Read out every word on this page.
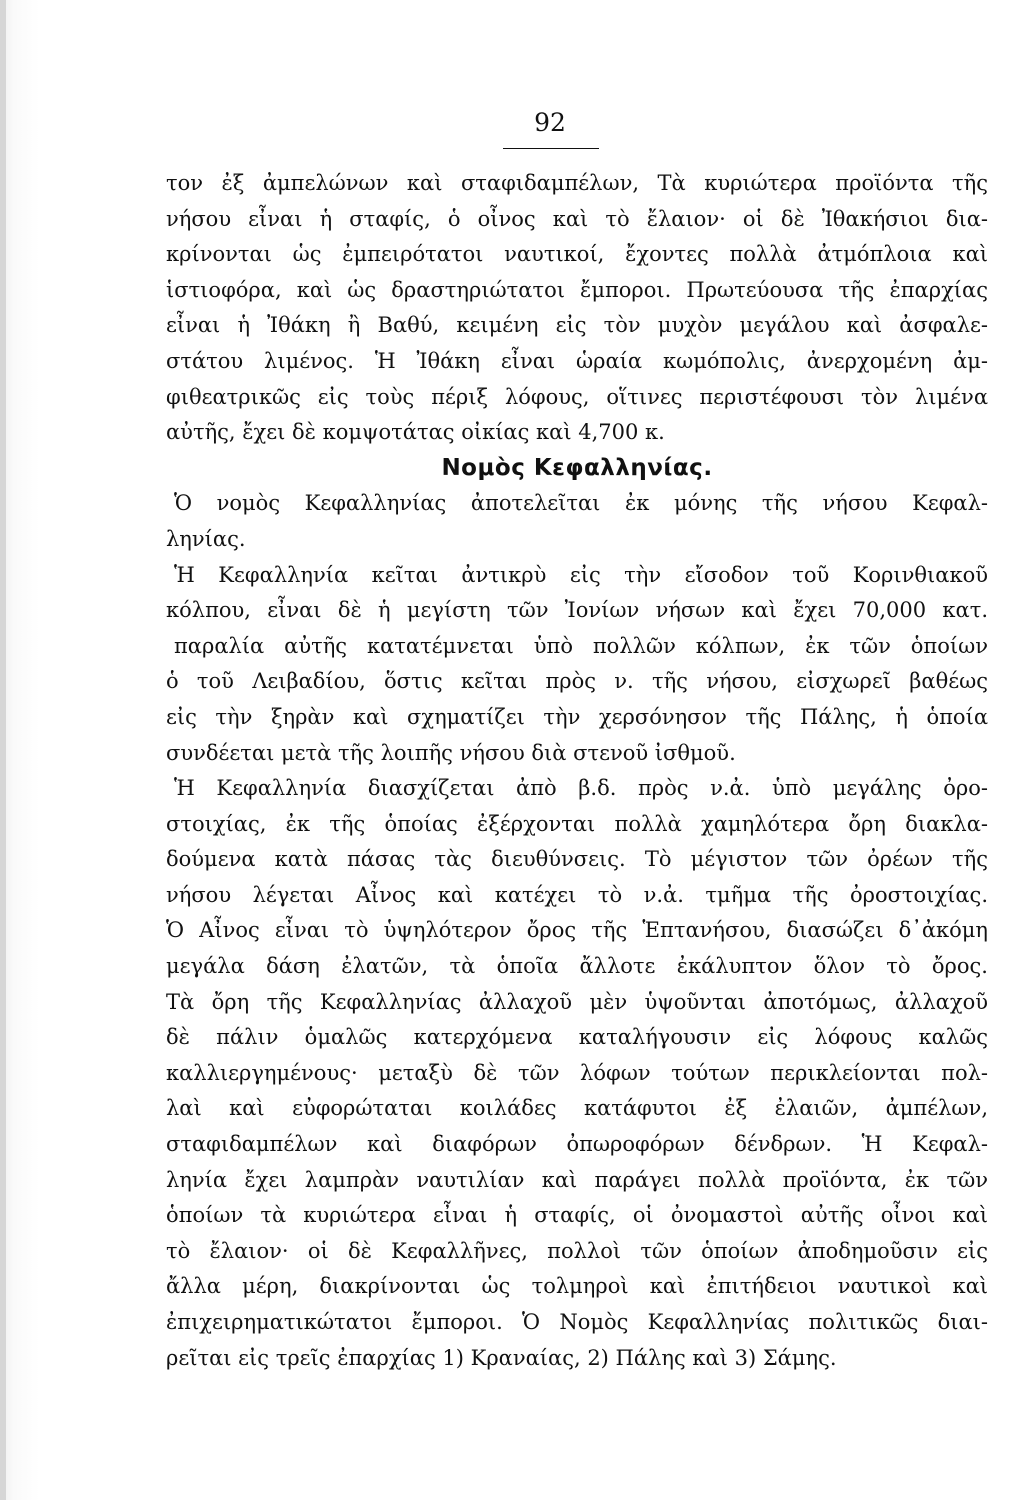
92
τον ἐξ ἀμπελώνων καὶ σταφιδαμπέλων, Τὰ κυριώτερα προϊόντα τῆς
νήσου εἶναι ἡ σταφίς, ὁ οἶνος καὶ τὸ ἔλαιον· οἱ δὲ Ἰθακήσιοι δια-
κρίνονται ὡς ἐμπειρότατοι ναυτικοί, ἔχοντες πολλὰ ἀτμόπλοια καὶ
ἱστιοφόρα, καὶ ὡς δραστηριώτατοι ἔμποροι. Πρωτεύουσα τῆς ἐπαρχίας
εἶναι ἡ Ἰθάκη ἢ Βαθύ, κειμένη εἰς τὸν μυχὸν μεγάλου καὶ ἀσφαλε-
στάτου λιμένος. Ἡ Ἰθάκη εἶναι ὡραία κωμόπολις, ἀνερχομένη ἀμ-
φιθεατρικῶς εἰς τοὺς πέριξ λόφους, οἵτινες περιστέφουσι τὸν λιμένα
αὐτῆς, ἔχει δὲ κομψοτάτας οἰκίας καὶ 4,700 κ.
Νομὸς Κεφαλληνίας.
Ὁ νομὸς Κεφαλληνίας ἀποτελεῖται ἐκ μόνης τῆς νήσου Κεφαλ-
ληνίας.
Ἡ Κεφαλληνία κεῖται ἀντικρὺ εἰς τὴν εἴσοδον τοῦ Κορινθιακοῦ
κόλπου, εἶναι δὲ ἡ μεγίστη τῶν Ἰονίων νήσων καὶ ἔχει 70,000 κατ.
παραλία αὐτῆς κατατέμνεται ὑπὸ πολλῶν κόλπων, ἐκ τῶν ὁποίων
ὁ τοῦ Λειβαδίου, ὅστις κεῖται πρὸς ν. τῆς νήσου, εἰσχωρεῖ βαθέως
εἰς τὴν ξηρὰν καὶ σχηματίζει τὴν χερσόνησον τῆς Πάλης, ἡ ὁποία
συνδέεται μετὰ τῆς λοιπῆς νήσου διὰ στενοῦ ἰσθμοῦ.
Ἡ Κεφαλληνία διασχίζεται ἀπὸ β.δ. πρὸς ν.ἀ. ὑπὸ μεγάλης ὀρο-
στοιχίας, ἐκ τῆς ὁποίας ἐξέρχονται πολλὰ χαμηλότερα ὄρη διακλα-
δούμενα κατὰ πάσας τὰς διευθύνσεις. Τὸ μέγιστον τῶν ὀρέων τῆς
νήσου λέγεται Αἶνος καὶ κατέχει τὸ ν.ἀ. τμῆμα τῆς ὀροστοιχίας.
Ὁ Αἶνος εἶναι τὸ ὑψηλότερον ὄρος τῆς Ἑπτανήσου, διασώζει δ᾽ἀκόμη
μεγάλα δάση ἐλατῶν, τὰ ὁποῖα ἄλλοτε ἐκάλυπτον ὅλον τὸ ὄρος.
Τὰ ὄρη τῆς Κεφαλληνίας ἀλλαχοῦ μὲν ὑψοῦνται ἀποτόμως, ἀλλαχοῦ
δὲ πάλιν ὁμαλῶς κατερχόμενα καταλήγουσιν εἰς λόφους καλῶς
καλλιεργημένους· μεταξὺ δὲ τῶν λόφων τούτων περικλείονται πολ-
λαὶ καὶ εὐφορώταται κοιλάδες κατάφυτοι ἐξ ἐλαιῶν, ἀμπέλων,
σταφιδαμπέλων καὶ διαφόρων ὀπωροφόρων δένδρων. Ἡ Κεφαλ-
ληνία ἔχει λαμπρὰν ναυτιλίαν καὶ παράγει πολλὰ προϊόντα, ἐκ τῶν
ὁποίων τὰ κυριώτερα εἶναι ἡ σταφίς, οἱ ὀνομαστοὶ αὐτῆς οἶνοι καὶ
τὸ ἔλαιον· οἱ δὲ Κεφαλλῆνες, πολλοὶ τῶν ὁποίων ἀποδημοῦσιν εἰς
ἄλλα μέρη, διακρίνονται ὡς τολμηροὶ καὶ ἐπιτήδειοι ναυτικοὶ καὶ
ἐπιχειρηματικώτατοι ἔμποροι. Ὁ Νομὸς Κεφαλληνίας πολιτικῶς διαι-
ρεῖται εἰς τρεῖς ἐπαρχίας 1) Κραναίας, 2) Πάλης καὶ 3) Σάμης.
